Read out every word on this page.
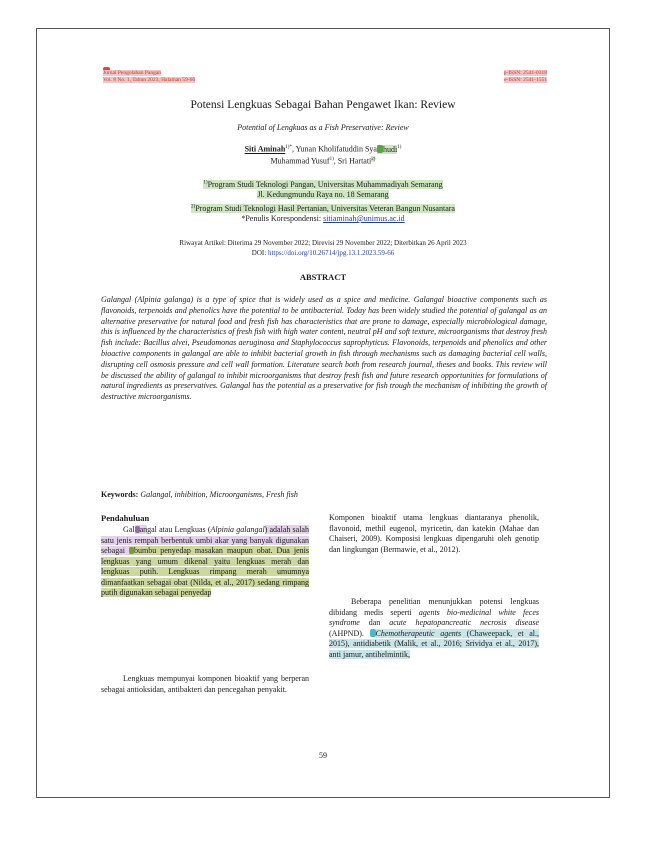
Jurnal Pengolahan Pangan
Vol. 8 No. 1, Tahun 2023, Halaman 59-66
p-ISSN: 2541-0318
e-ISSN: 2541-1551
Potensi Lengkuas Sebagai Bahan Pengawet Ikan: Review
Potential of Lengkuas as a Fish Preservative: Review
Siti Aminah$^{1)*}$, Yunan Kholifatuddin Sya hudi$^{1)}$
Muhammad Yusuf$^{1)}$, Sri Hartati$^{2)}$
$^{1)}$Program Studi Teknologi Pangan, Universitas Muhammadiyah Semarang
Jl. Kedungmundu Raya no. 18 Semarang
$^{2)}$Program Studi Teknologi Hasil Pertanian, Universitas Veteran Bangun Nusantara
*Penulis Korespondensi: sitiaminah@unimus.ac.id
Riwayat Artikel: Diterima 29 November 2022; Direvisi 29 November 2022; Diterbitkan 26 April 2023
DOI: https://doi.org/10.26714/jpg.13.1.2023.59-66
ABSTRACT
Galangal (Alpinia galanga) is a type of spice that is widely used as a spice and medicine. Galangal bioactive components such as flavonoids, terpenoids and phenolics have the potential to be antibacterial. Today has been widely studied the potential of galangal as an alternative preservative for natural food and fresh fish has characteristics that are prone to damage, especially microbiological damage, this is influenced by the characteristics of fresh fish with high water content, neutral pH and soft texture, microorganisms that destroy fresh fish include: Bacillus alvei, Pseudomonas aeruginosa and Staphylococcus saprophyticus. Flavonoids, terpenoids and phenolics and other bioactive components in galangal are able to inhibit bacterial growth in fish through mechanisms such as damaging bacterial cell walls, disrupting cell osmosis pressure and cell wall formation. Literature search both from research journal, theses and books. This review will be discussed the ability of galangal to inhibit microorganisms that destroy fresh fish and future research opportunities for formulations of natural ingredients as preservatives. Galangal has the potential as a preservative for fish trough the mechanism of inhibiting the growth of destructive microorganisms.
Keywords: Galangal, inhibition, Microorganisms, Fresh fish
Pendahuluan
Gal angal atau Lengkuas (Alpinia galangal) adalah salah satu jenis rempah berbentuk umbi akar yang banyak digunakan sebagai bumbu penyedap masakan maupun obat. Dua jenis lengkuas yang umum dikenal yaitu lengkuas merah dan lengkuas putih. Lengkuas rimpang merah umumnya dimanfaatkan sebagai obat (Nilda, et al., 2017) sedang rimpang putih digunakan sebagai penyedap
Lengkuas mempunyai komponen bioaktif yang berperan sebagai antioksidan, antibakteri dan pencegahan penyakit.
Komponen bioaktif utama lengkuas diantaranya phenolik, flavonoid, methil eugenol, myricetin, dan katekin (Mahae dan Chaiseri, 2009). Komposisi lengkuas dipengaruhi oleh genotip dan lingkungan (Bermawie, et al., 2012).
Beberapa penelitian menunjukkan potensi lengkuas dibidang medis seperti agents bio-medicinal white feces syndrome dan acute hepatopancreatic necrosis disease (AHPND). Chemotherapeutic agents (Chaweepack, et al., 2015), antidiabetik (Malik, et al., 2016; Srividya et al., 2017), anti jamur, antihelmintik,
59
